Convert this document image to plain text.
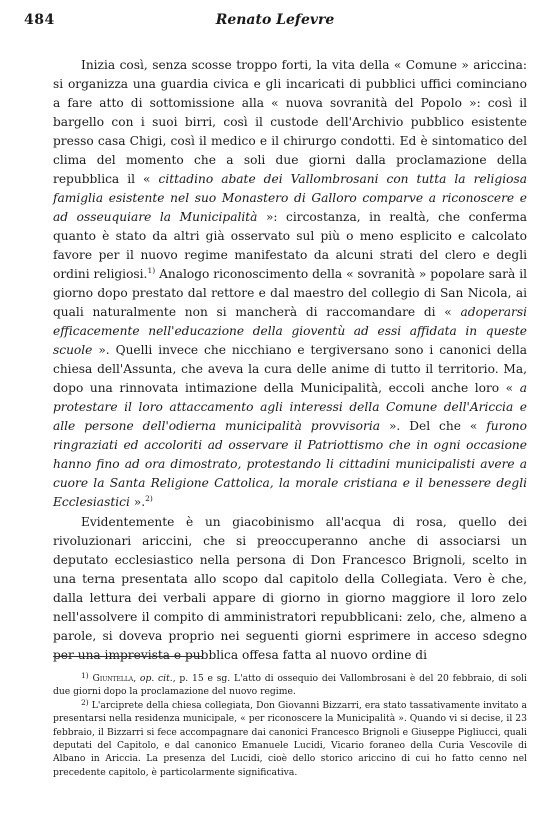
484	Renato Lefevre

Inizia così, senza scosse troppo forti, la vita della « Comune » ariccina: si organizza una guardia civica e gli incaricati di pubblici uffici cominciano a fare atto di sottomissione alla « nuova sovranità del Popolo »: così il bargello con i suoi birri, così il custode dell'Archivio pubblico esistente presso casa Chigi, così il medico e il chirurgo condotti. Ed è sintomatico del clima del momento che a soli due giorni dalla proclamazione della repubblica il « cittadino abate dei Vallombrosani con tutta la religiosa famiglia esistente nel suo Monastero di Galloro comparve a riconoscere e ad osseuquiare la Municipalità »: circostanza, in realtà, che conferma quanto è stato da altri già osservato sul più o meno esplicito e calcolato favore per il nuovo regime manifestato da alcuni strati del clero e degli ordini religiosi.$^{1)}$ Analogo riconoscimento della « sovranità » popolare sarà il giorno dopo prestato dal rettore e dal maestro del collegio di San Nicola, ai quali naturalmente non si mancherà di raccomandare di « adoperarsi efficacemente nell'educazione della gioventù ad essi affidata in queste scuole ». Quelli invece che nicchiano e tergiversano sono i canonici della chiesa dell'Assunta, che aveva la cura delle anime di tutto il territorio. Ma, dopo una rinnovata intimazione della Municipalità, eccoli anche loro « a protestare il loro attaccamento agli interessi della Comune dell'Ariccia e alle persone dell'odierna municipalità provvisoria ». Del che « furono ringraziati ed accoloriti ad osservare il Patriottismo che in ogni occasione hanno fino ad ora dimostrato, protestando li cittadini municipalisti avere a cuore la Santa Religione Cattolica, la morale cristiana e il benessere degli Ecclesiastici ».$^{2)}$

Evidentemente è un giacobinismo all'acqua di rosa, quello dei rivoluzionari ariccini, che si preoccuperanno anche di associarsi un deputato ecclesiastico nella persona di Don Francesco Brignoli, scelto in una terna presentata allo scopo dal capitolo della Collegiata. Vero è che, dalla lettura dei verbali appare di giorno in giorno maggiore il loro zelo nell'assolvere il compito di amministratori repubblicani: zelo, che, almeno a parole, si doveva proprio nei seguenti giorni esprimere in acceso sdegno per una imprevista e pubblica offesa fatta al nuovo ordine di

$^{1)}$ Giuntella, op. cit., p. 15 e sg. L'atto di ossequio dei Vallombrosani è del 20 febbraio, di soli due giorni dopo la proclamazione del nuovo regime.

$^{2)}$ L'arciprete della chiesa collegiata, Don Giovanni Bizzarri, era stato tassativamente invitato a presentarsi nella residenza municipale, « per riconoscere la Municipalità ». Quando vi si decise, il 23 febbraio, il Bizzarri si fece accompagnare dai canonici Francesco Brignoli e Giuseppe Pigliucci, quali deputati del Capitolo, e dal canonico Emanuele Lucidi, Vicario foraneo della Curia Vescovile di Albano in Ariccia. La presenza del Lucidi, cioè dello storico ariccino di cui ho fatto cenno nel precedente capitolo, è particolarmente significativa.
